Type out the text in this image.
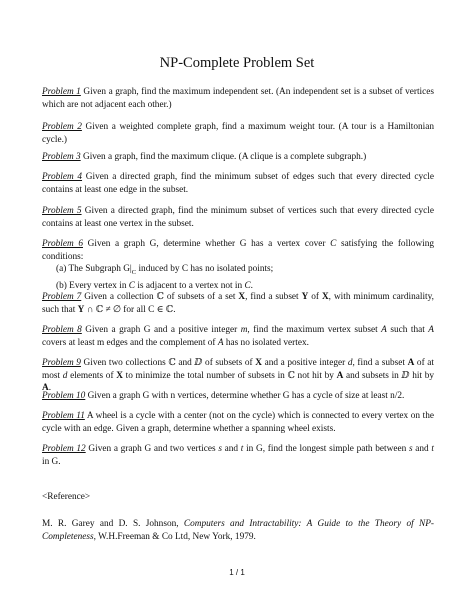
NP-Complete Problem Set
Problem 1 Given a graph, find the maximum independent set. (An independent set is a subset of vertices which are not adjacent each other.)
Problem 2 Given a weighted complete graph, find a maximum weight tour. (A tour is a Hamiltonian cycle.)
Problem 3 Given a graph, find the maximum clique. (A clique is a complete subgraph.)
Problem 4 Given a directed graph, find the minimum subset of edges such that every directed cycle contains at least one edge in the subset.
Problem 5 Given a directed graph, find the minimum subset of vertices such that every directed cycle contains at least one vertex in the subset.
Problem 6 Given a graph G, determine whether G has a vertex cover C satisfying the following conditions:
(a) The Subgraph $G|_C$ induced by C has no isolated points;
(b) Every vertex in C is adjacent to a vertex not in C.
Problem 7 Given a collection ℂ of subsets of a set X, find a subset Y of X, with minimum cardinality, such that Y ∩ ℂ ≠ ∅ for all C ∈ ℂ.
Problem 8 Given a graph G and a positive integer m, find the maximum vertex subset A such that A covers at least m edges and the complement of A has no isolated vertex.
Problem 9 Given two collections ℂ and ⅅ of subsets of X and a positive integer d, find a subset A of at most d elements of X to minimize the total number of subsets in ℂ not hit by A and subsets in ⅅ hit by A.
Problem 10 Given a graph G with n vertices, determine whether G has a cycle of size at least n/2.
Problem 11 A wheel is a cycle with a center (not on the cycle) which is connected to every vertex on the cycle with an edge. Given a graph, determine whether a spanning wheel exists.
Problem 12 Given a graph G and two vertices s and t in G, find the longest simple path between s and t in G.
<Reference>
M. R. Garey and D. S. Johnson, Computers and Intractability: A Guide to the Theory of NP-Completeness, W.H.Freeman & Co Ltd, New York, 1979.
1 / 1
